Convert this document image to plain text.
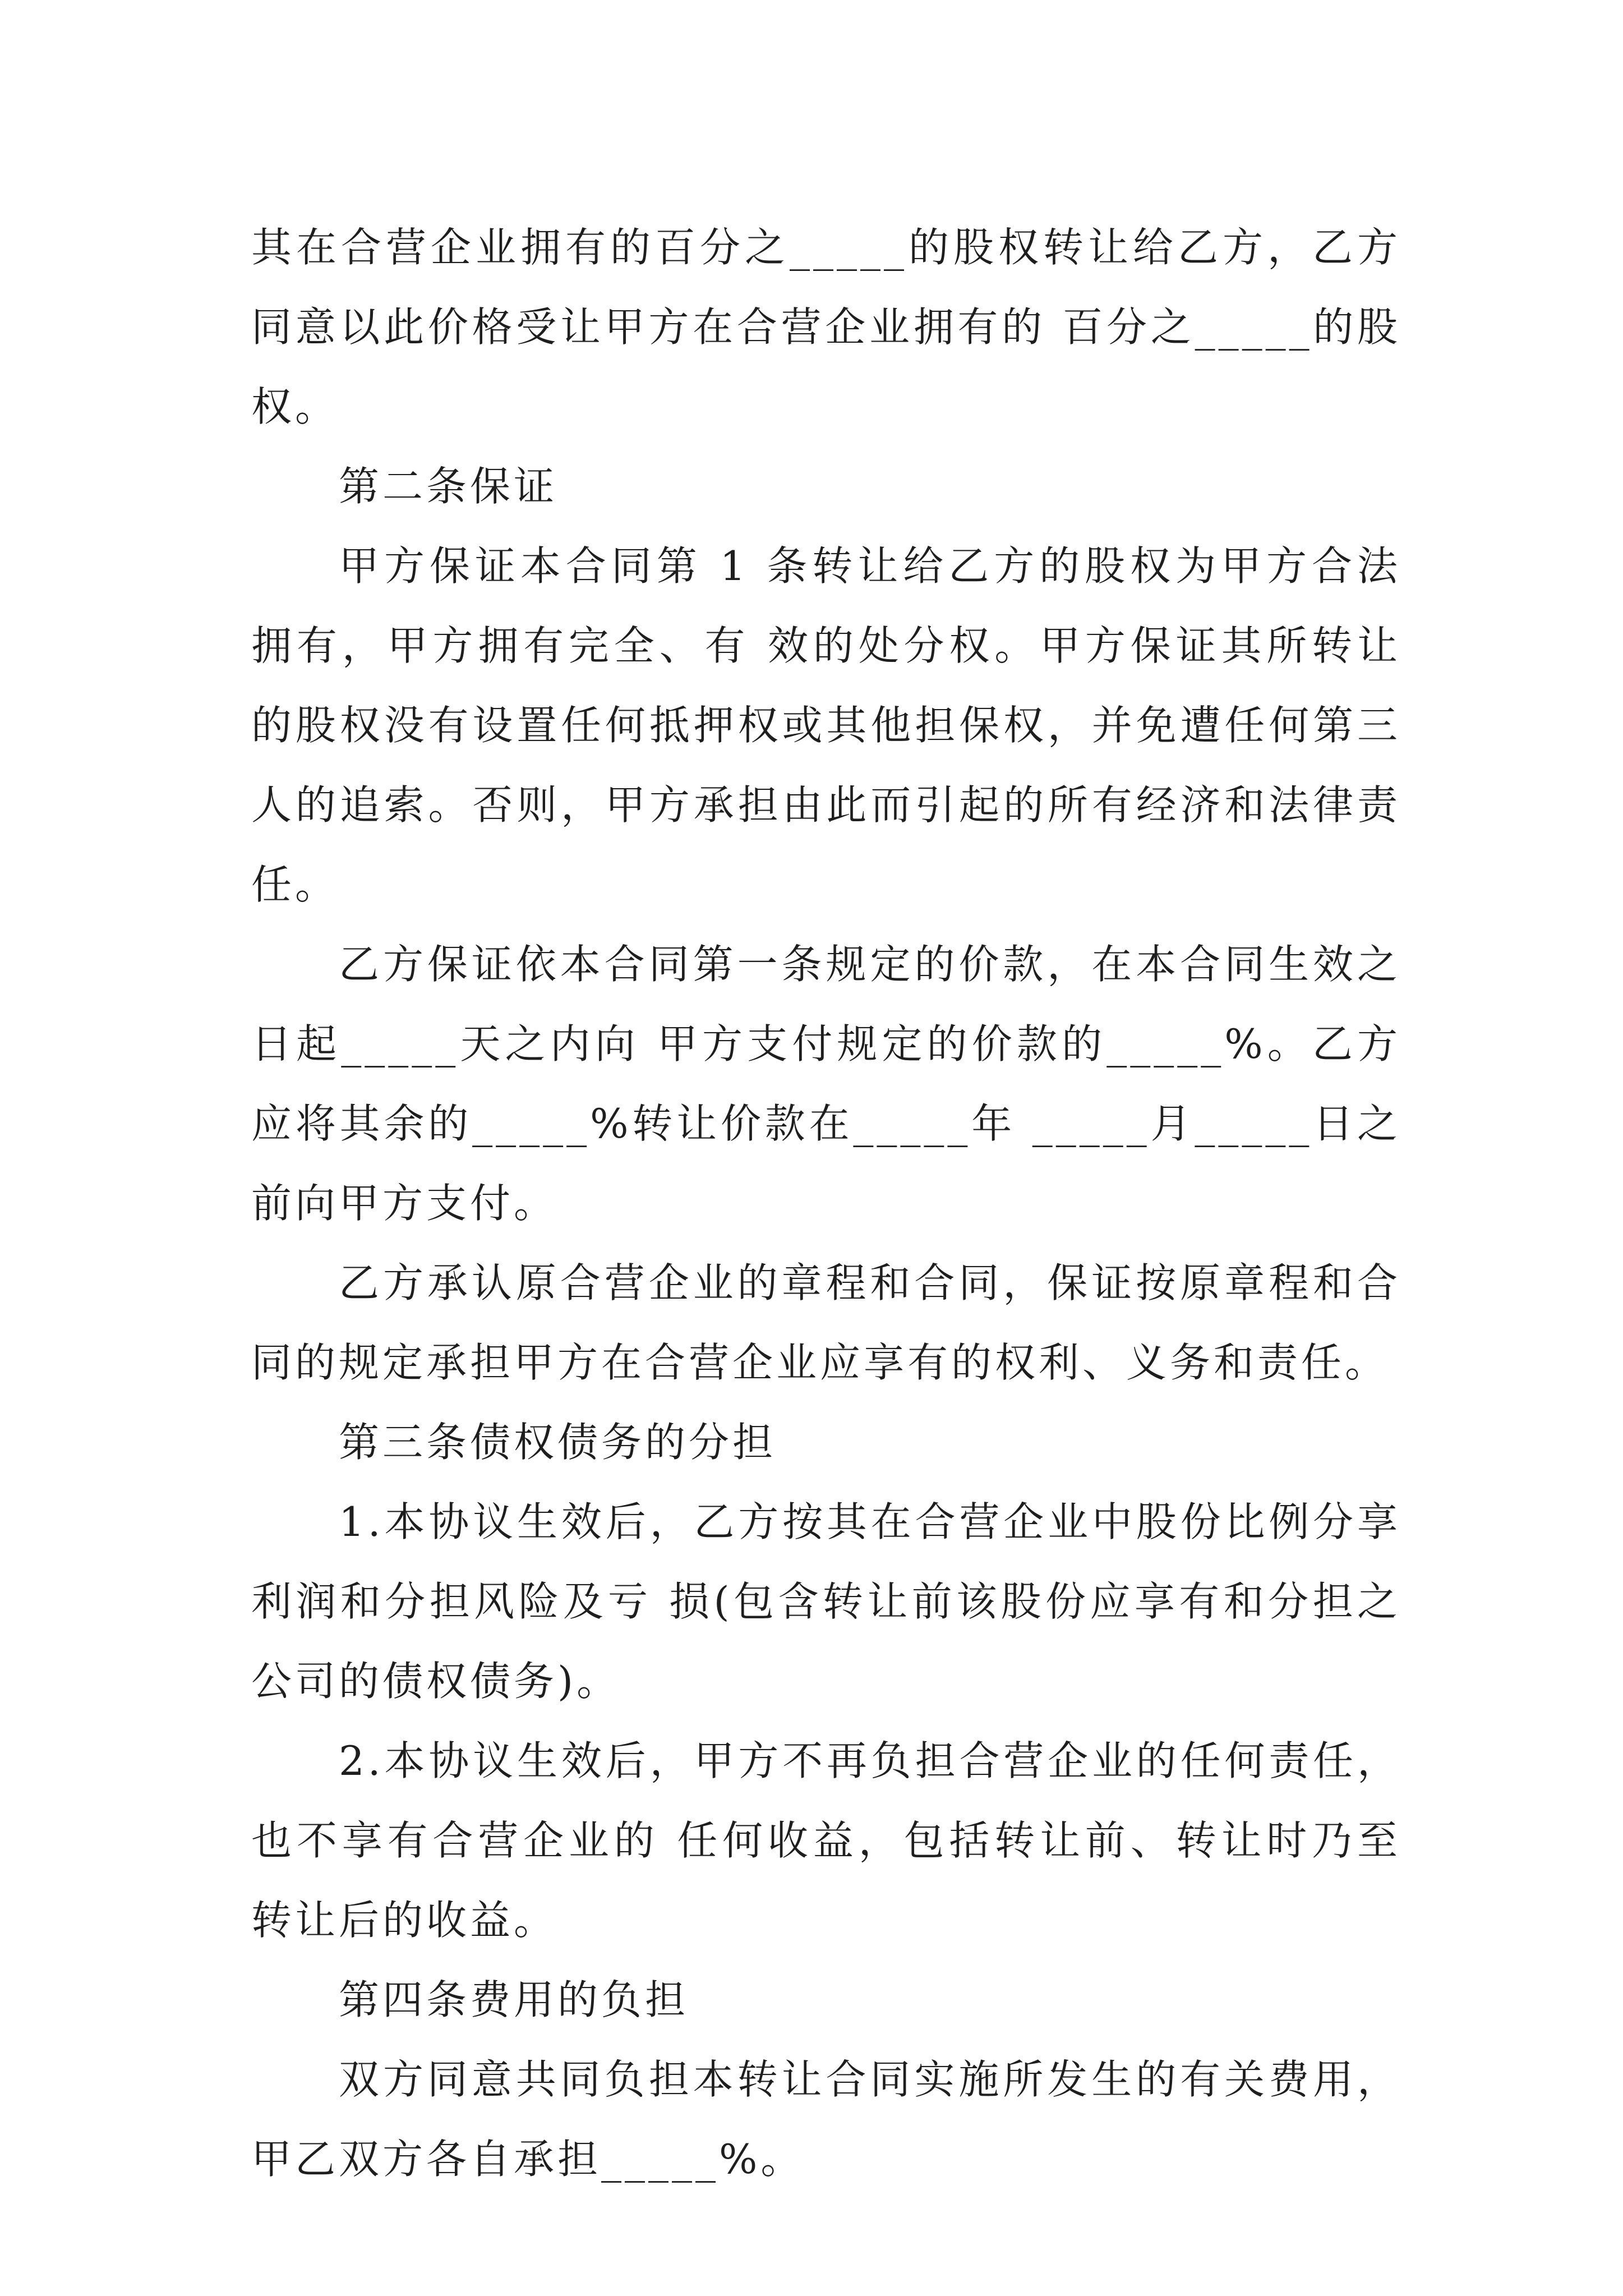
其在合营企业拥有的百分之_____的股权转让给乙方，乙方同意以此价格受让甲方在合营企业拥有的 百分之_____的股权。

第二条保证

甲方保证本合同第 1 条转让给乙方的股权为甲方合法拥有，甲方拥有完全、有 效的处分权。甲方保证其所转让的股权没有设置任何抵押权或其他担保权，并免遭任何第三人的追索。否则，甲方承担由此而引起的所有经济和法律责任。

乙方保证依本合同第一条规定的价款，在本合同生效之日起_____天之内向 甲方支付规定的价款的_____%。乙方应将其余的_____%转让价款在_____年 _____月_____日之前向甲方支付。

乙方承认原合营企业的章程和合同，保证按原章程和合同的规定承担甲方在合营企业应享有的权利、义务和责任。

第三条债权债务的分担

1.本协议生效后，乙方按其在合营企业中股份比例分享利润和分担风险及亏 损(包含转让前该股份应享有和分担之公司的债权债务)。

2.本协议生效后，甲方不再负担合营企业的任何责任，也不享有合营企业的 任何收益，包括转让前、转让时乃至转让后的收益。

第四条费用的负担

双方同意共同负担本转让合同实施所发生的有关费用，甲乙双方各自承担_____%。
